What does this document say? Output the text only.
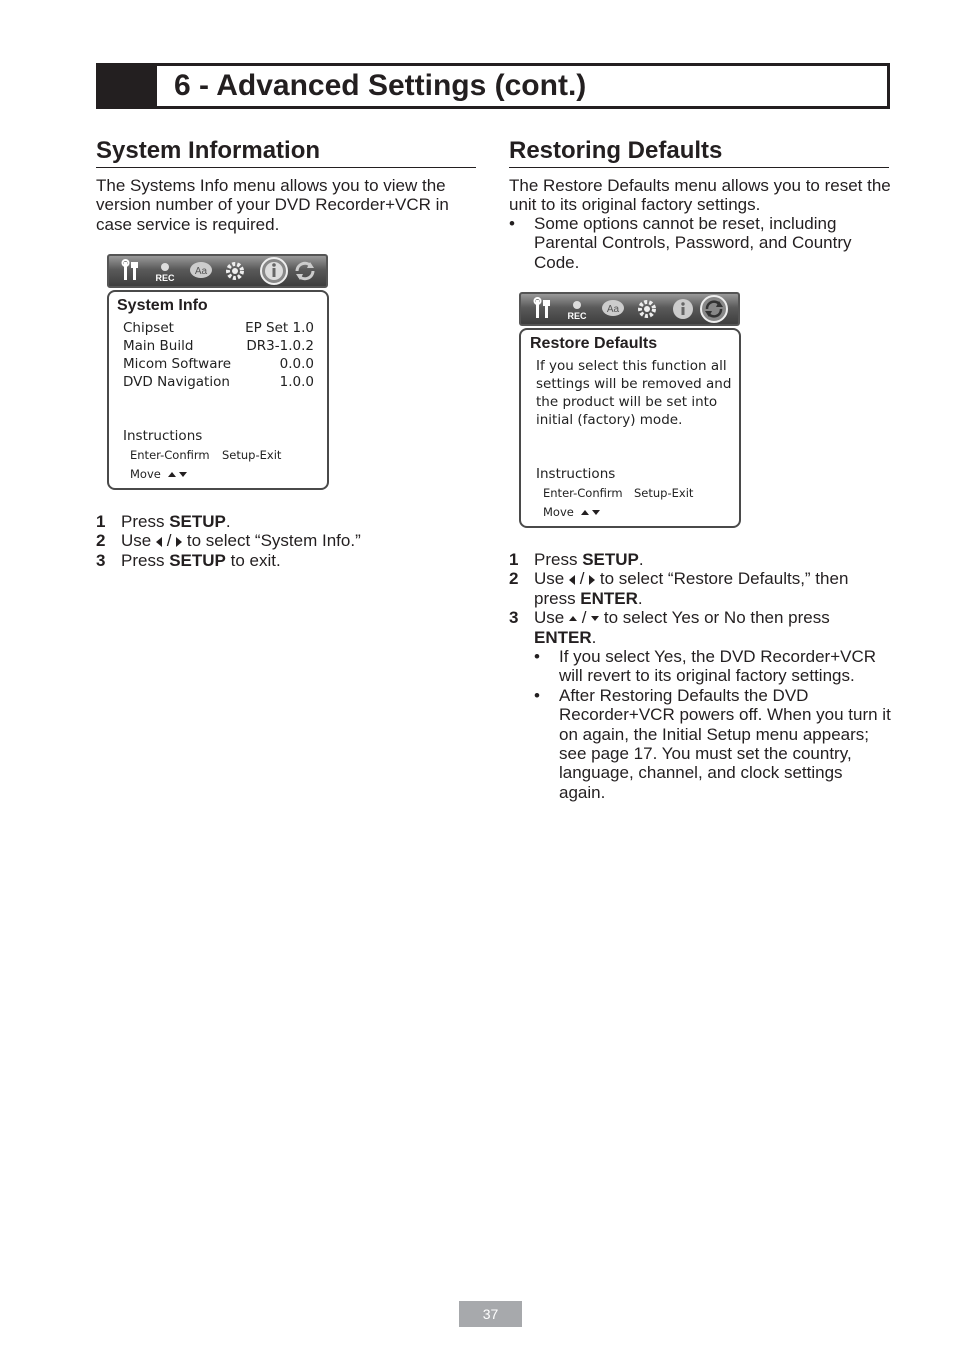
6 - Advanced Settings (cont.)
System Information
The Systems Info menu allows you to view the version number of your DVD Recorder+VCR in case service is required.
REC
Aa
System Info
Chipset	EP Set 1.0
Main Build	DR3-1.0.2
Micom Software	0.0.0
DVD Navigation	1.0.0
Instructions
Enter-Confirm Setup-Exit
Move
1 Press SETUP.
2 Use  /  to select “System Info.”
3 Press SETUP to exit.
Restoring Defaults
The Restore Defaults menu allows you to reset the unit to its original factory settings.
• Some options cannot be reset, including Parental Controls, Password, and Country Code.
REC
Aa
Restore Defaults
If you select this function all
settings will be removed and
the product will be set into
initial (factory) mode.
Instructions
Enter-Confirm Setup-Exit
Move
1 Press SETUP.
2 Use  /  to select “Restore Defaults,” then press ENTER.
3 Use  /  to select Yes or No then press ENTER.
• If you select Yes, the DVD Recorder+VCR will revert to its original factory settings.
• After Restoring Defaults the DVD Recorder+VCR powers off. When you turn it on again, the Initial Setup menu appears; see page 17. You must set the country, language, channel, and clock settings again.
37
